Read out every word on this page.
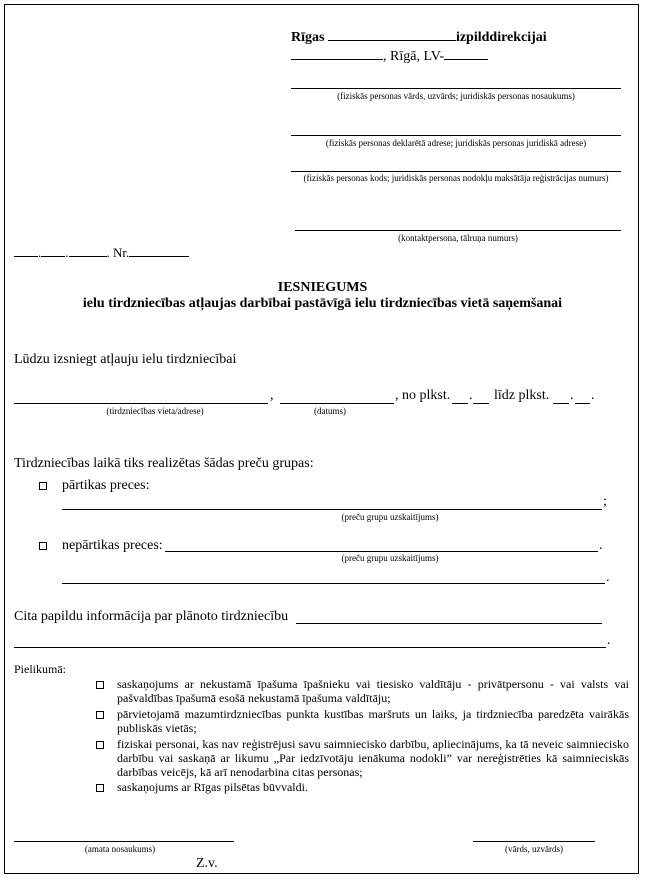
Rīgas	izpilddirekcijai
, Rīgā, LV-
(fiziskās personas vārds, uzvārds; juridiskās personas nosaukums)
(fiziskās personas deklarētā adrese; juridiskās personas juridiskā adrese)
(fiziskās personas kods; juridiskās personas nodokļu maksātāja reģistrācijas numurs)
(kontaktpersona, tālruņa numurs)
. .	. Nr.
IESNIEGUMS
ielu tirdzniecības atļaujas darbībai pastāvīgā ielu tirdzniecības vietā saņemšanai
Lūdzu izsniegt atļauju ielu tirdzniecībai
,	, no plkst. . līdz plkst. . .
(tirdzniecības vieta/adrese)	(datums)
Tirdzniecības laikā tiks realizētas šādas preču grupas:
pārtikas preces:
;
(preču grupu uzskaitījums)
nepārtikas preces:	.
(preču grupu uzskaitījums)
.
Cita papildu informācija par plānoto tirdzniecību
.
Pielikumā:
saskaņojums ar nekustamā īpašuma īpašnieku vai tiesisko valdītāju - privātpersonu - vai valsts vai pašvaldības īpašumā esošā nekustamā īpašuma valdītāju;
pārvietojamā mazumtirdzniecības punkta kustības maršruts un laiks, ja tirdzniecība paredzēta vairākās publiskās vietās;
fiziskai personai, kas nav reģistrējusi savu saimniecisko darbību, apliecinājums, ka tā neveic saimniecisko darbību vai saskaņā ar likumu „Par iedzīvotāju ienākuma nodokli” var nereģistrēties kā saimnieciskās darbības veicējs, kā arī nenodarbina citas personas;
saskaņojums ar Rīgas pilsētas būvvaldi.
(amata nosaukums)	(vārds, uzvārds)
Z.v.
